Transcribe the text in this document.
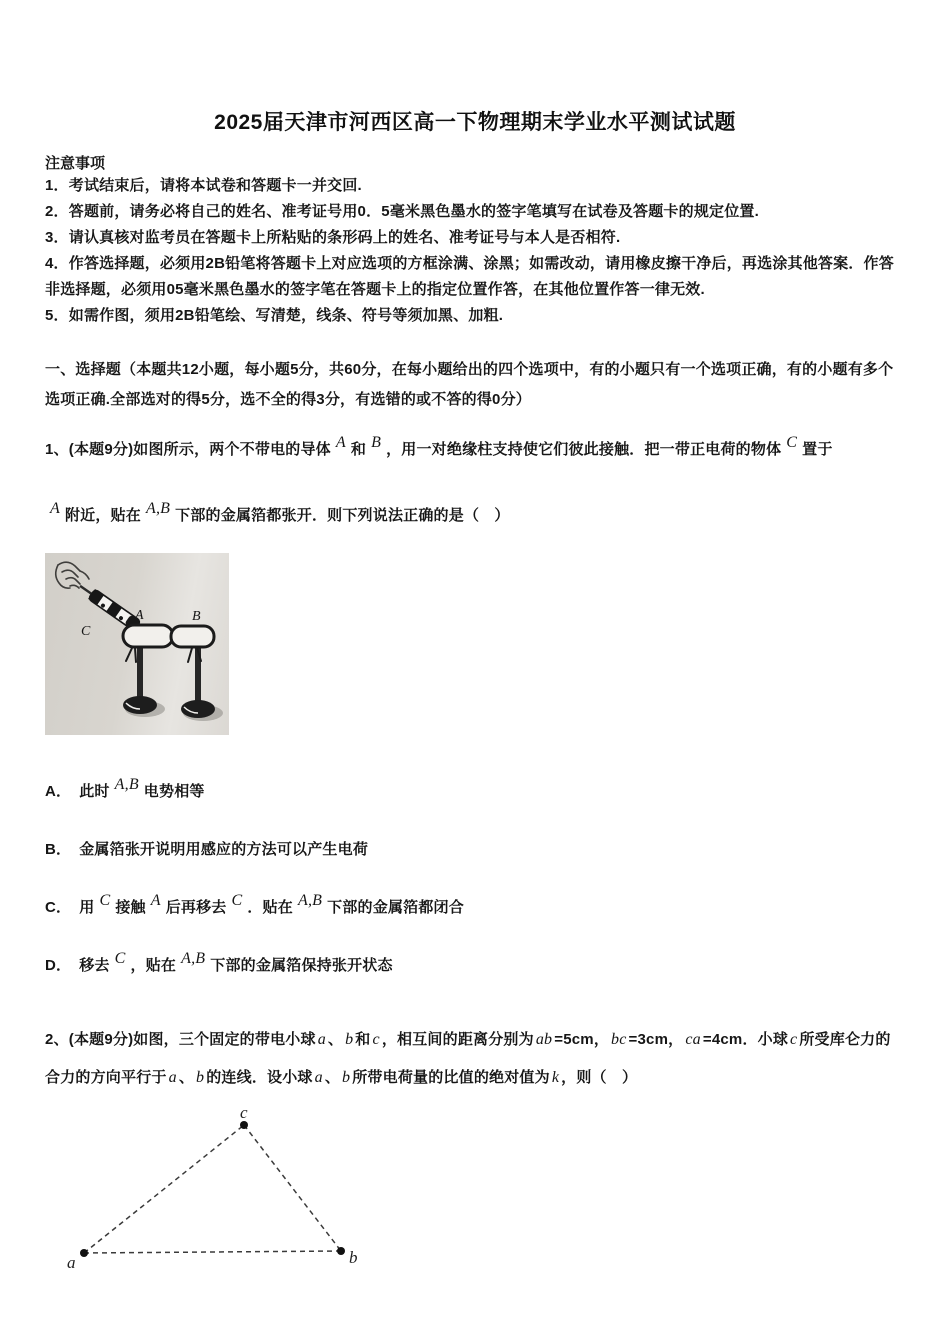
2025届天津市河西区高一下物理期末学业水平测试试题
注意事项
1．考试结束后，请将本试卷和答题卡一并交回.
2．答题前，请务必将自己的姓名、准考证号用0．5毫米黑色墨水的签字笔填写在试卷及答题卡的规定位置.
3．请认真核对监考员在答题卡上所粘贴的条形码上的姓名、准考证号与本人是否相符.
4．作答选择题，必须用2B铅笔将答题卡上对应选项的方框涂满、涂黑；如需改动，请用橡皮擦干净后，再选涂其他答案．作答非选择题，必须用05毫米黑色墨水的签字笔在答题卡上的指定位置作答，在其他位置作答一律无效.
5．如需作图，须用2B铅笔绘、写清楚，线条、符号等须加黑、加粗.
一、选择题（本题共12小题，每小题5分，共60分，在每小题给出的四个选项中，有的小题只有一个选项正确，有的小题有多个选项正确.全部选对的得5分，选不全的得3分，有选错的或不答的得0分）
1、(本题9分)如图所示，两个不带电的导体 A 和 B ，用一对绝缘柱支持使它们彼此接触．把一带正电荷的物体 C 置于
A 附近，贴在 A,B 下部的金属箔都张开．则下列说法正确的是（　）
C
A	B
A． 此时 A,B 电势相等
B． 金属箔张开说明用感应的方法可以产生电荷
C． 用 C 接触 A 后再移去 C ．贴在 A,B 下部的金属箔都闭合
D． 移去 C ，贴在 A,B 下部的金属箔保持张开状态
2、(本题9分)如图，三个固定的带电小球 a 、 b 和 c ，相互间的距离分别为 ab =5cm， bc =3cm， ca =4cm．小球 c 所受库仑力的合力的方向平行于 a 、 b 的连线．设小球 a 、 b 所带电荷量的比值的绝对值为 k ，则（　）
a	b
c
